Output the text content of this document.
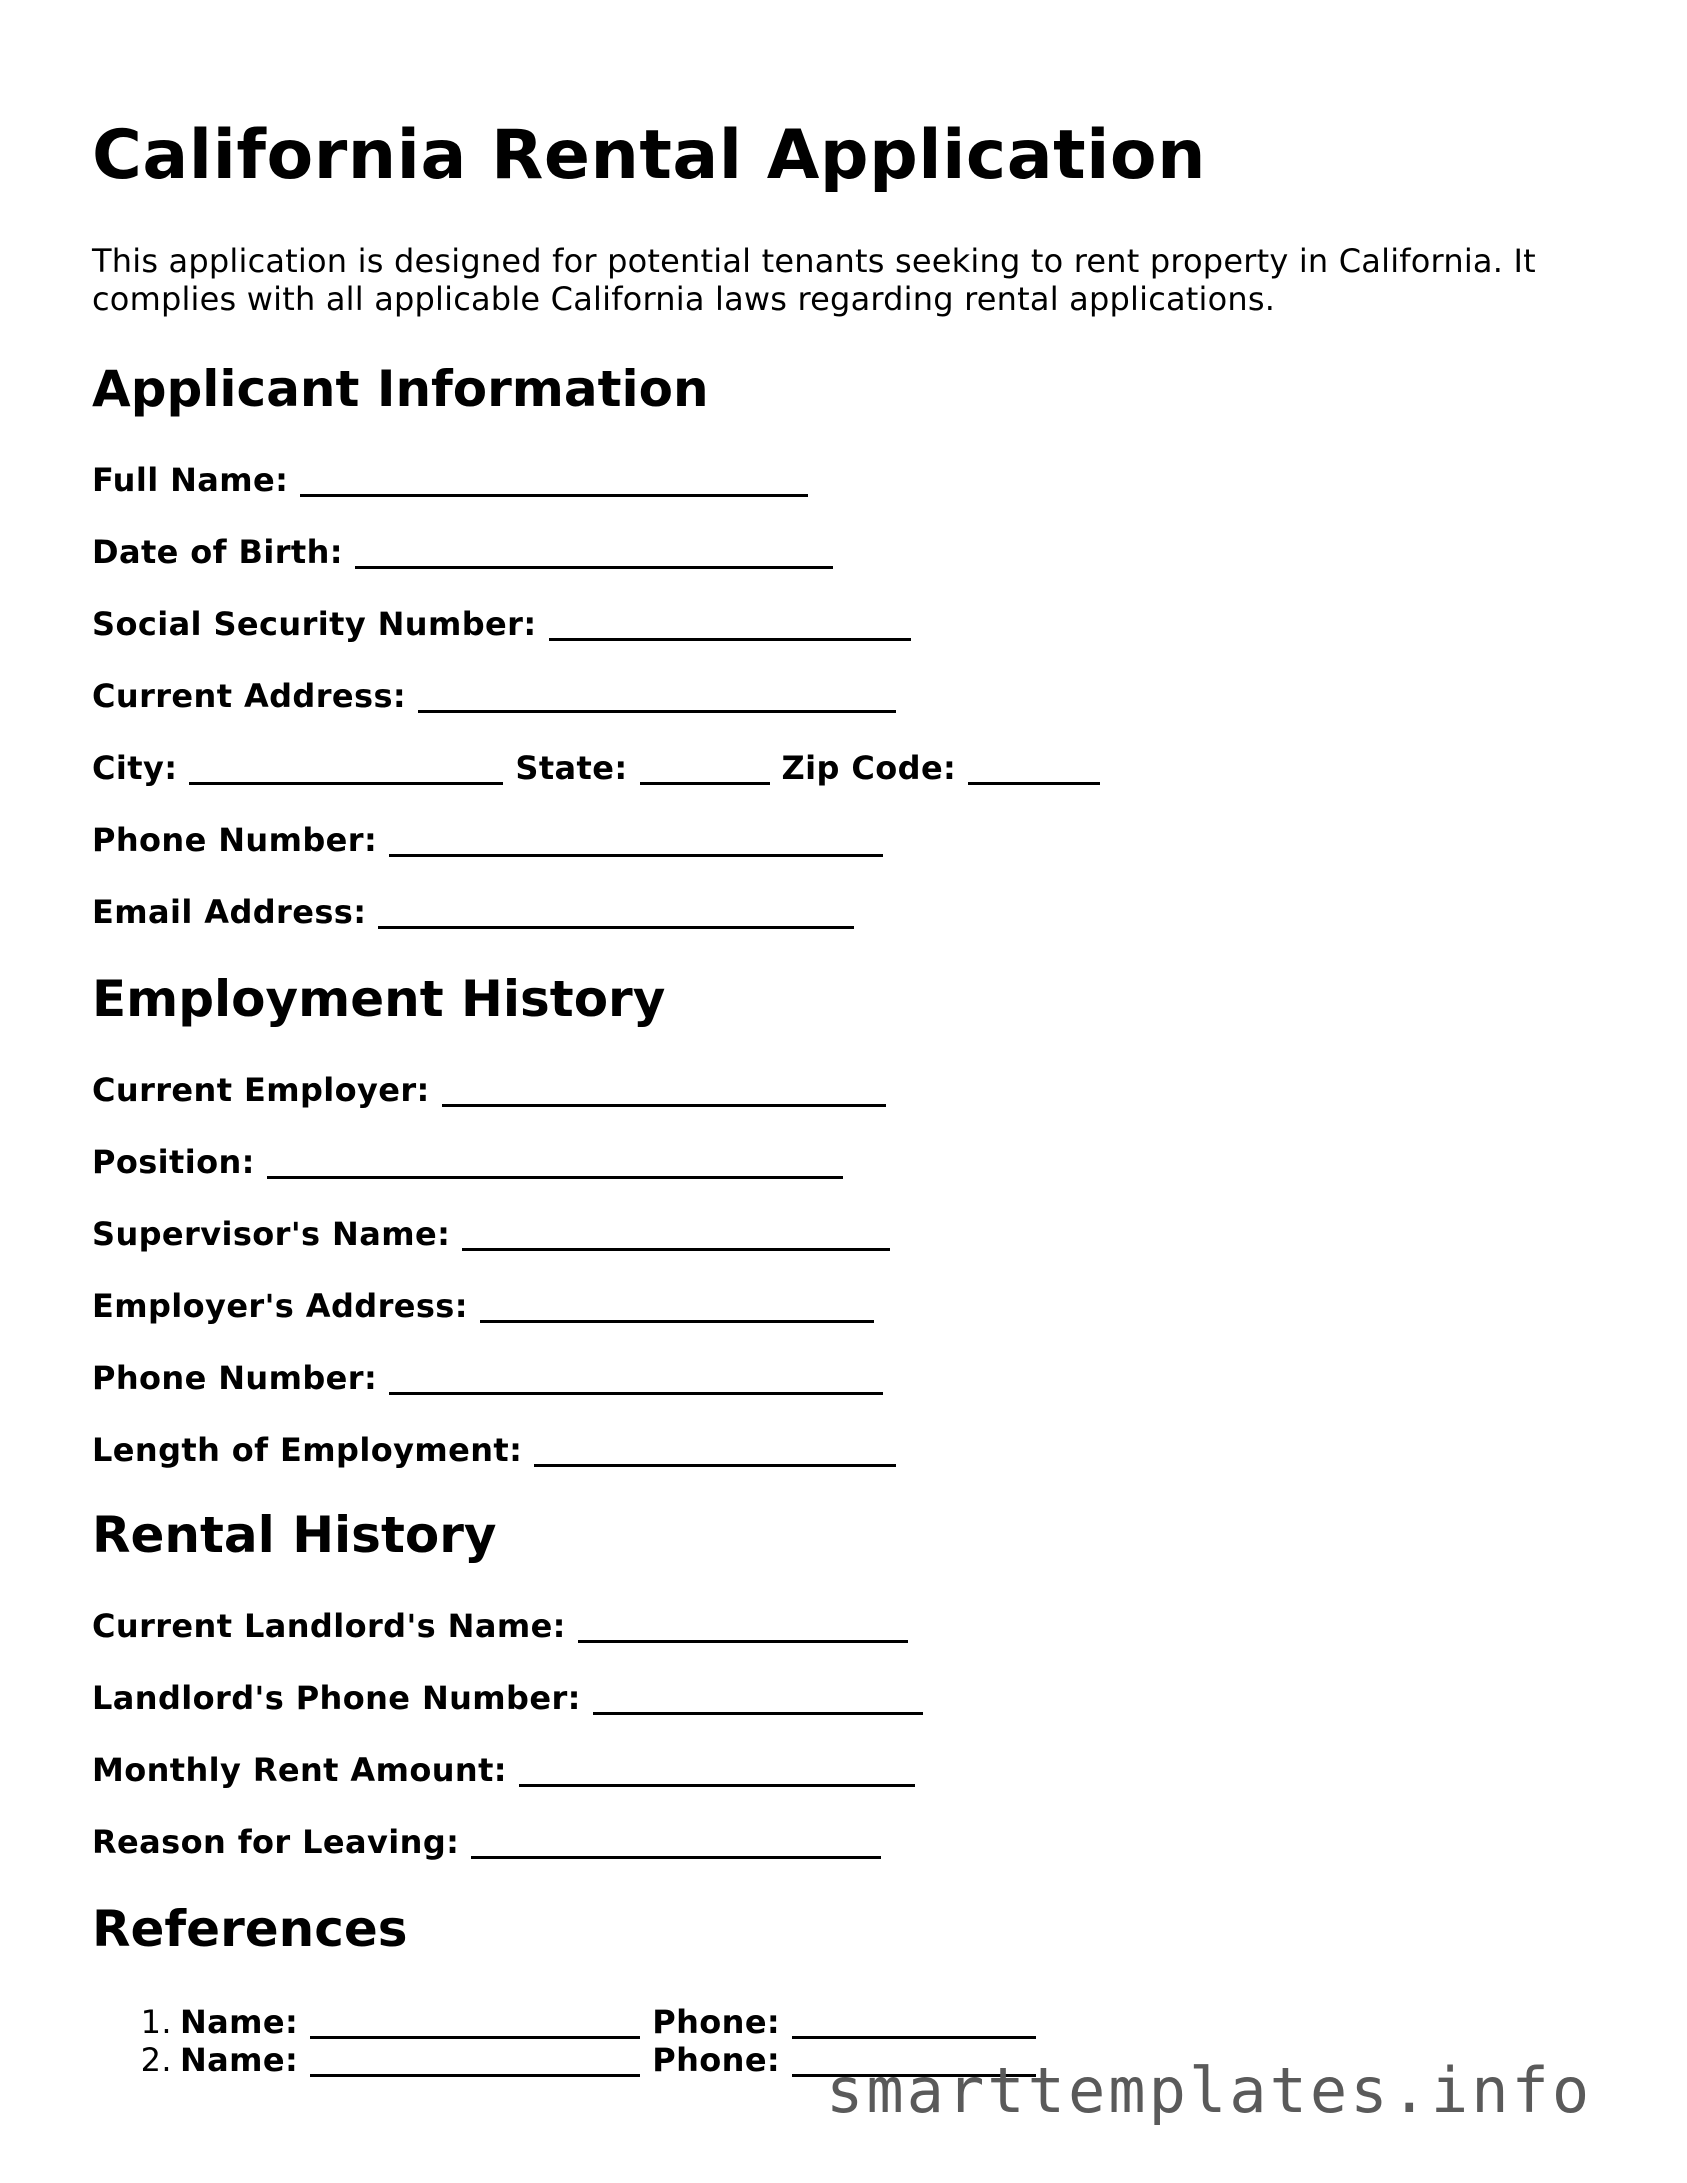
California Rental Application
This application is designed for potential tenants seeking to rent property in California. It complies with all applicable California laws regarding rental applications.
Applicant Information
Full Name:
Date of Birth:
Social Security Number:
Current Address:
City:	State:	Zip Code:
Phone Number:
Email Address:
Employment History
Current Employer:
Position:
Supervisor's Name:
Employer's Address:
Phone Number:
Length of Employment:
Rental History
Current Landlord's Name:
Landlord's Phone Number:
Monthly Rent Amount:
Reason for Leaving:
References
1. Name:	Phone:
2. Name:	Phone: smarttemplates.info
